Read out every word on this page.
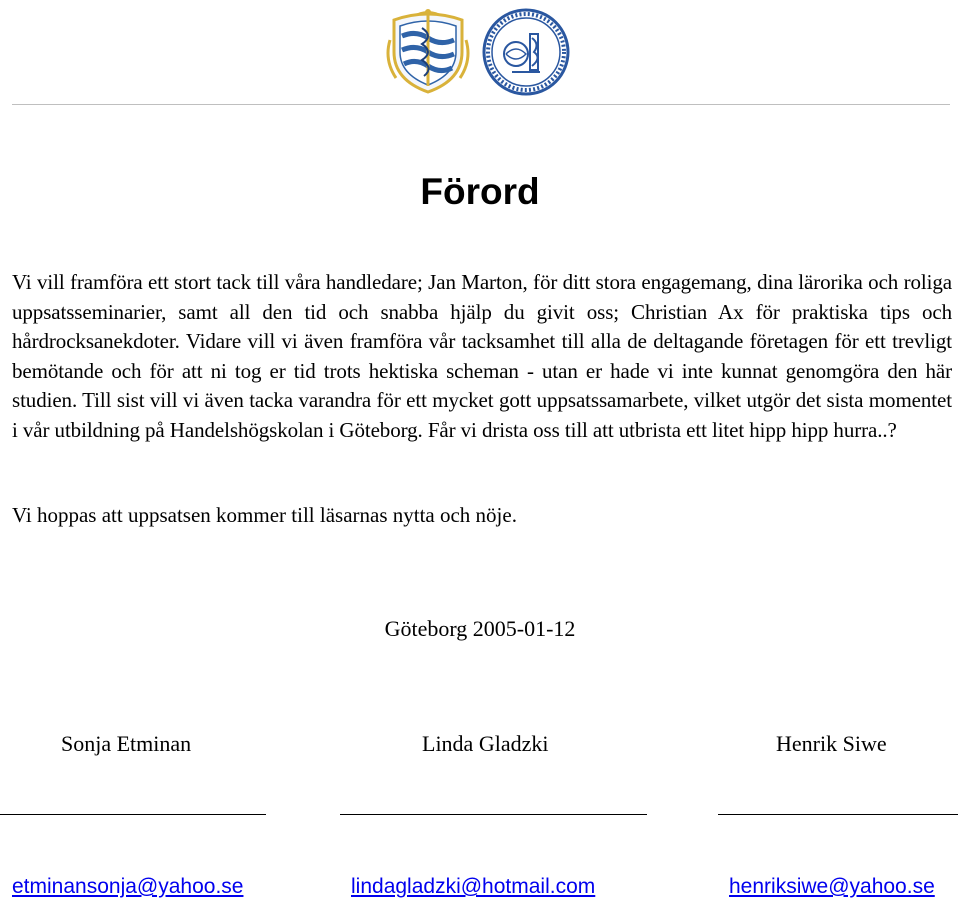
Förord

Vi vill framföra ett stort tack till våra handledare; Jan Marton, för ditt stora engagemang, dina lärorika och roliga uppsatsseminarier, samt all den tid och snabba hjälp du givit oss; Christian Ax för praktiska tips och hårdrocksanekdoter. Vidare vill vi även framföra vår tacksamhet till alla de deltagande företagen för ett trevligt bemötande och för att ni tog er tid trots hektiska scheman - utan er hade vi inte kunnat genomgöra den här studien. Till sist vill vi även tacka varandra för ett mycket gott uppsatssamarbete, vilket utgör det sista momentet i vår utbildning på Handelshögskolan i Göteborg. Får vi drista oss till att utbrista ett litet hipp hipp hurra..?

Vi hoppas att uppsatsen kommer till läsarnas nytta och nöje.

Göteborg 2005-01-12

Sonja Etminan	Linda Gladzki	Henrik Siwe

etminansonja@yahoo.se	lindagladzki@hotmail.com	henriksiwe@yahoo.se
